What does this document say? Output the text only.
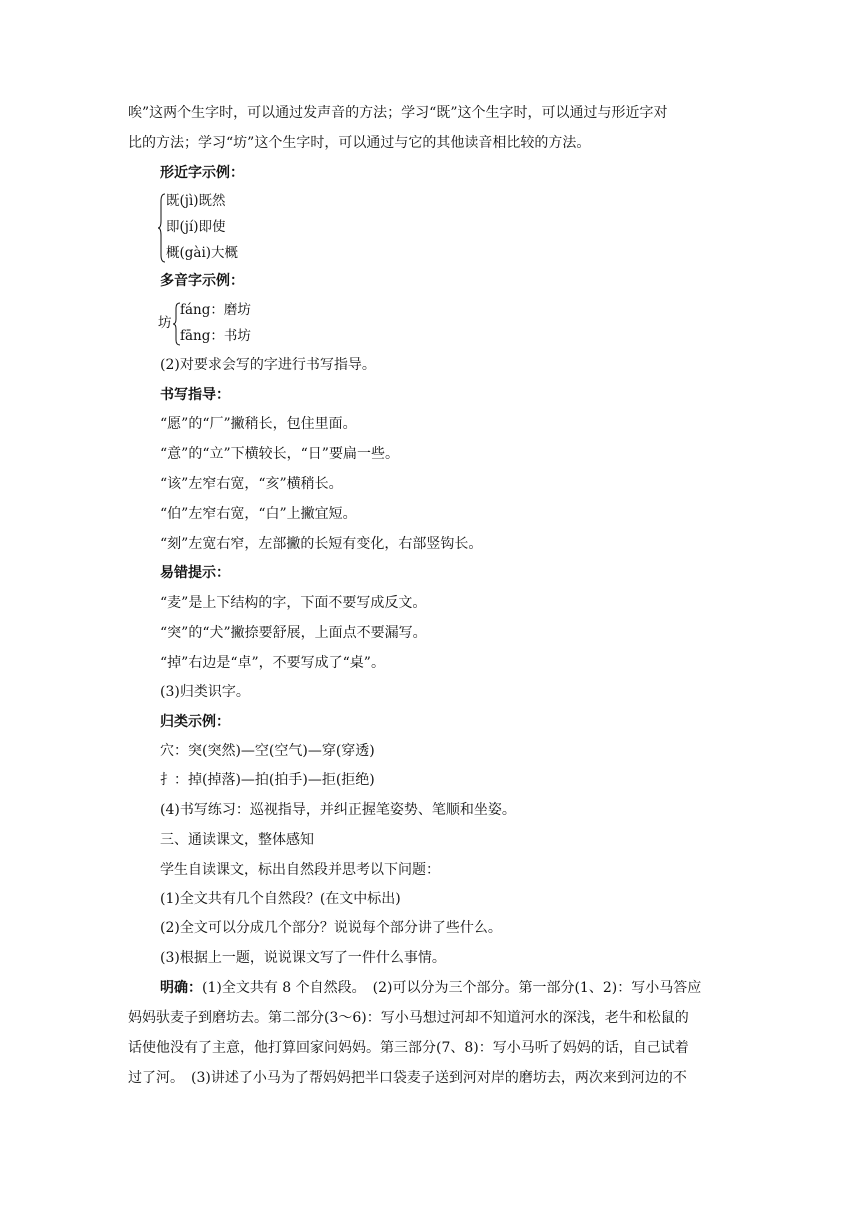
唉”这两个生字时，可以通过发声音的方法；学习“既”这个生字时，可以通过与形近字对
比的方法；学习“坊”这个生字时，可以通过与它的其他读音相比较的方法。
形近字示例：
既(jì)既然
即(jí)即使
概(gài)大概
多音字示例：
坊
fáng：磨坊
fāng：书坊
(2)对要求会写的字进行书写指导。
书写指导：
“愿”的“厂”撇稍长，包住里面。
“意”的“立”下横较长，“日”要扁一些。
“该”左窄右宽，“亥”横稍长。
“伯”左窄右宽，“白”上撇宜短。
“刻”左宽右窄，左部撇的长短有变化，右部竖钩长。
易错提示：
“麦”是上下结构的字，下面不要写成反文。
“突”的“犬”撇捺要舒展，上面点不要漏写。
“掉”右边是“卓”，不要写成了“桌”。
(3)归类识字。
归类示例：
穴：突(突然)—空(空气)—穿(穿透)
扌：掉(掉落)—拍(拍手)—拒(拒绝)
(4)书写练习：巡视指导，并纠正握笔姿势、笔顺和坐姿。
三、通读课文，整体感知
学生自读课文，标出自然段并思考以下问题：
(1)全文共有几个自然段？(在文中标出)
(2)全文可以分成几个部分？说说每个部分讲了些什么。
(3)根据上一题，说说课文写了一件什么事情。
明确：(1)全文共有 8 个自然段。　(2)可以分为三个部分。第一部分(1、2)：写小马答应
妈妈驮麦子到磨坊去。第二部分(3～6)：写小马想过河却不知道河水的深浅，老牛和松鼠的
话使他没有了主意，他打算回家问妈妈。第三部分(7、8)：写小马听了妈妈的话，自己试着
过了河。　(3)讲述了小马为了帮妈妈把半口袋麦子送到河对岸的磨坊去，两次来到河边的不
